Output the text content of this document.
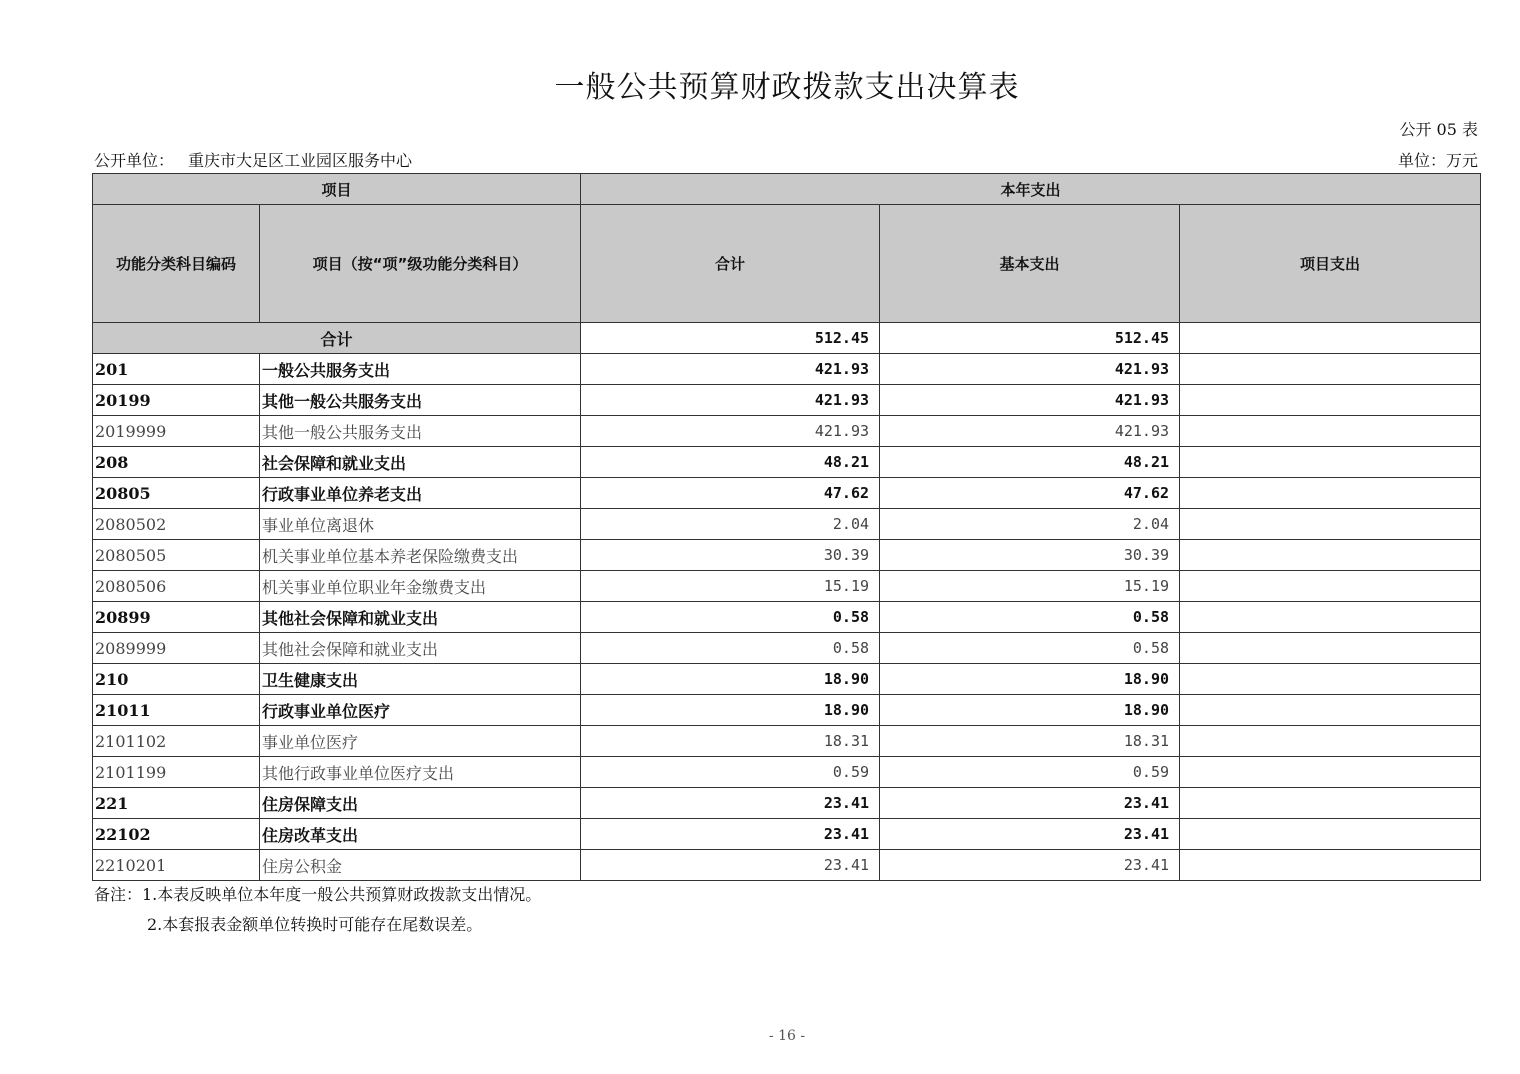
一般公共预算财政拨款支出决算表
公开 05 表
公开单位： 重庆市大足区工业园区服务中心	单位：万元
项目		本年支出		
功能分类科目编码	项目（按“项”级功能分类科目）	合计	基本支出	项目支出
合计		512.45	512.45	
201	一般公共服务支出	421.93	421.93	
20199	其他一般公共服务支出	421.93	421.93	
2019999	其他一般公共服务支出	421.93	421.93	
208	社会保障和就业支出	48.21	48.21	
20805	行政事业单位养老支出	47.62	47.62	
2080502	事业单位离退休	2.04	2.04	
2080505	机关事业单位基本养老保险缴费支出	30.39	30.39	
2080506	机关事业单位职业年金缴费支出	15.19	15.19	
20899	其他社会保障和就业支出	0.58	0.58	
2089999	其他社会保障和就业支出	0.58	0.58	
210	卫生健康支出	18.90	18.90	
21011	行政事业单位医疗	18.90	18.90	
2101102	事业单位医疗	18.31	18.31	
2101199	其他行政事业单位医疗支出	0.59	0.59	
221	住房保障支出	23.41	23.41	
22102	住房改革支出	23.41	23.41	
2210201	住房公积金	23.41	23.41	
备注：1.本表反映单位本年度一般公共预算财政拨款支出情况。
2.本套报表金额单位转换时可能存在尾数误差。
- 16 -
